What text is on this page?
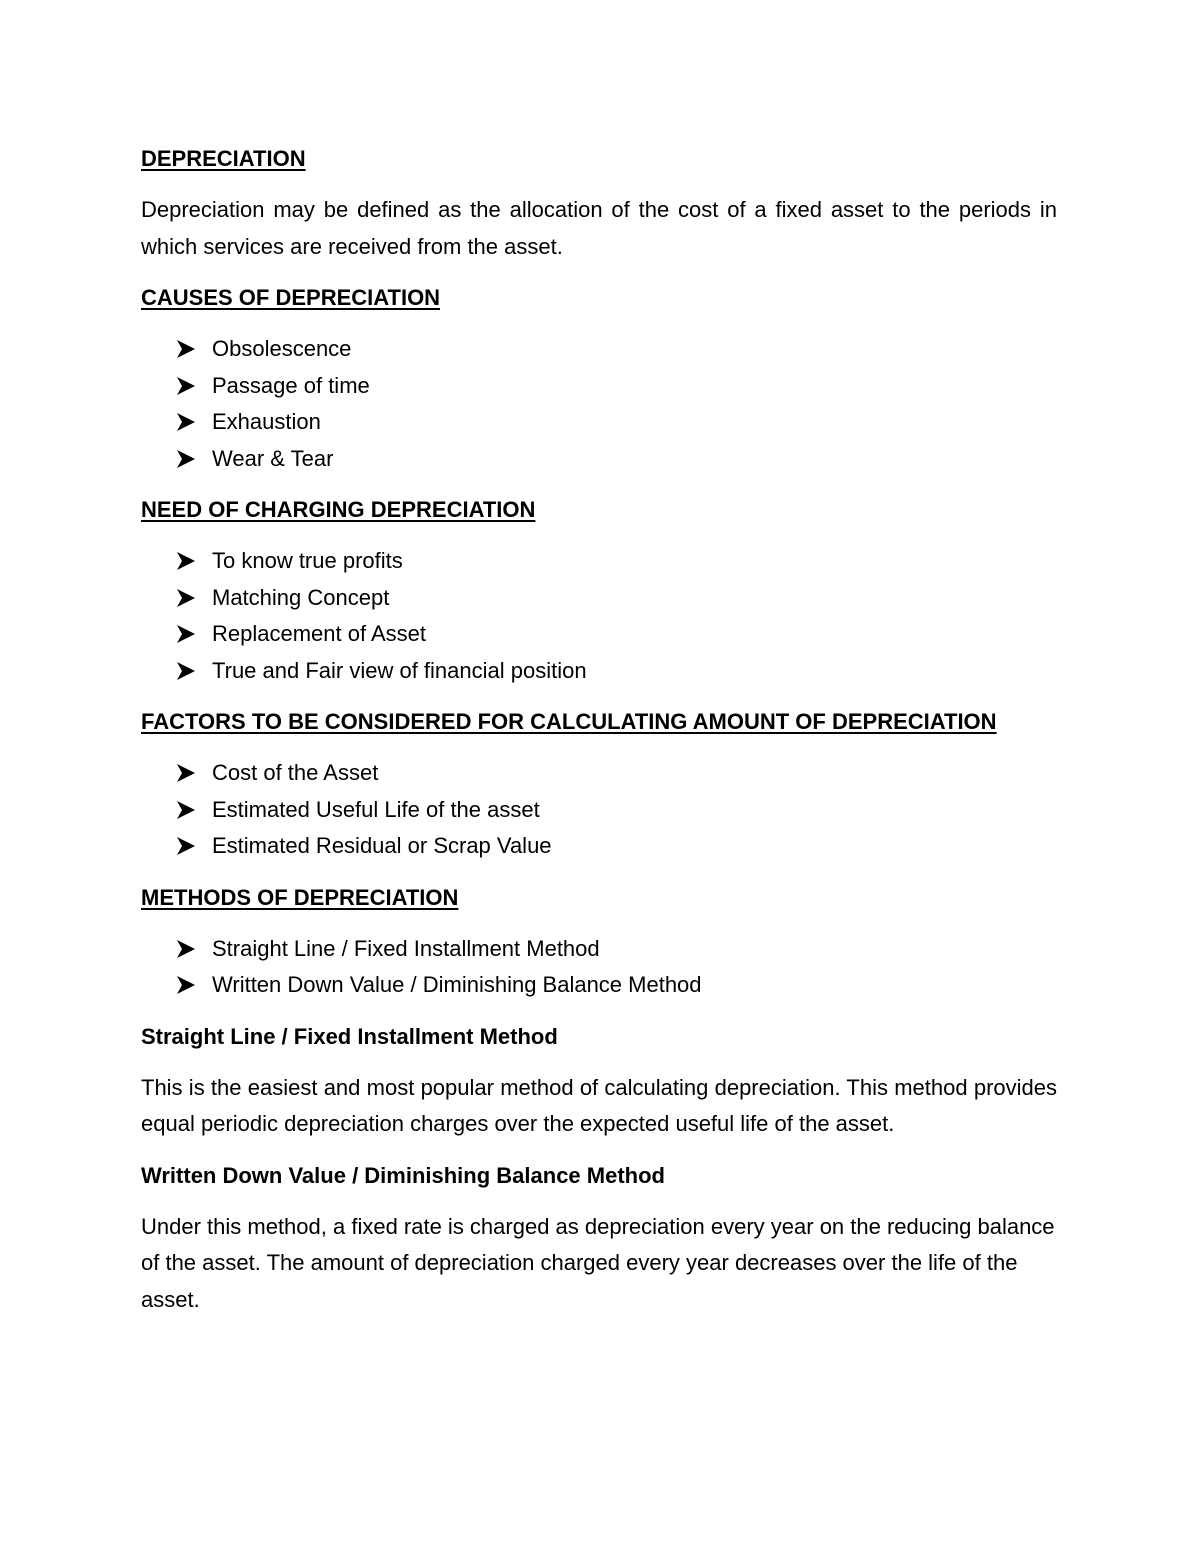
DEPRECIATION

Depreciation may be defined as the allocation of the cost of a fixed asset to the periods in which services are received from the asset.

CAUSES OF DEPRECIATION
Obsolescence
Passage of time
Exhaustion
Wear & Tear
NEED OF CHARGING DEPRECIATION
To know true profits
Matching Concept
Replacement of Asset
True and Fair view of financial position
FACTORS TO BE CONSIDERED FOR CALCULATING AMOUNT OF DEPRECIATION
Cost of the Asset
Estimated Useful Life of the asset
Estimated Residual or Scrap Value
METHODS OF DEPRECIATION
Straight Line / Fixed Installment Method
Written Down Value / Diminishing Balance Method
Straight Line / Fixed Installment Method

This is the easiest and most popular method of calculating depreciation. This method provides equal periodic depreciation charges over the expected useful life of the asset.

Written Down Value / Diminishing Balance Method

Under this method, a fixed rate is charged as depreciation every year on the reducing balance of the asset. The amount of depreciation charged every year decreases over the life of the asset.
